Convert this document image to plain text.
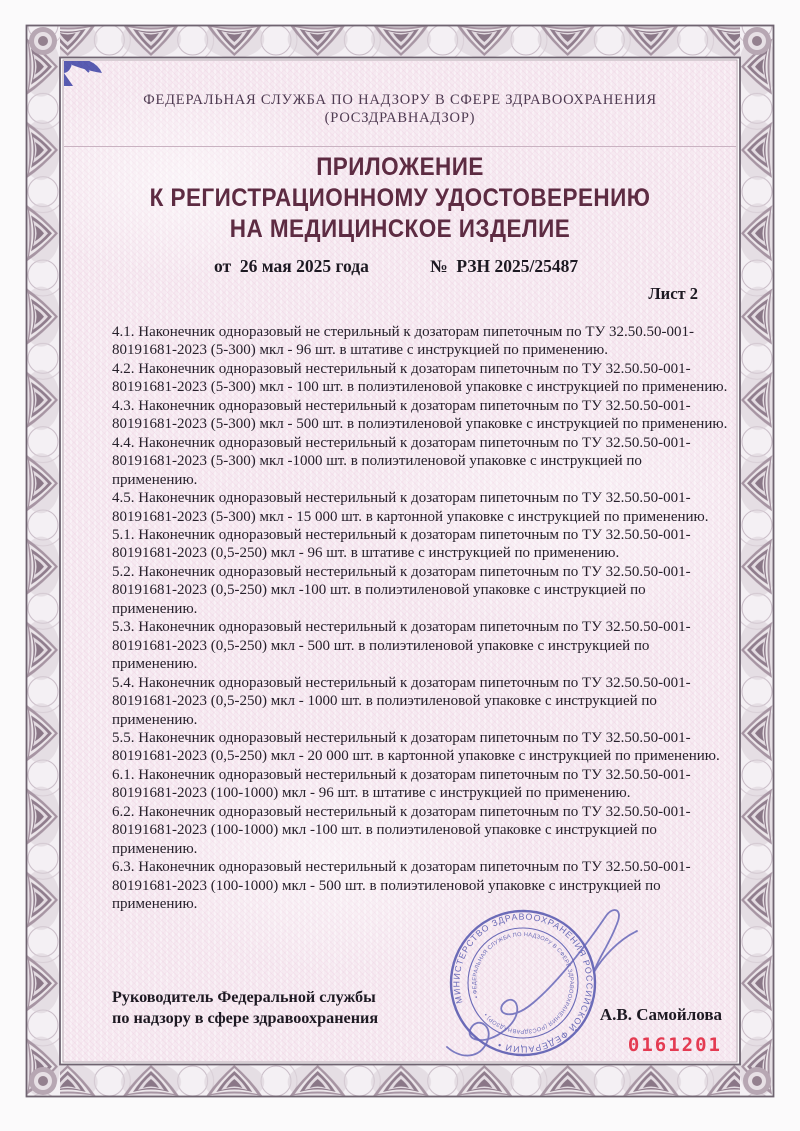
ФЕДЕРАЛЬНАЯ СЛУЖБА ПО НАДЗОРУ В СФЕРЕ ЗДРАВООХРАНЕНИЯ

(РОСЗДРАВНАДЗОР)

ПРИЛОЖЕНИЕ
К РЕГИСТРАЦИОННОМУ УДОСТОВЕРЕНИЮ
НА МЕДИЦИНСКОЕ ИЗДЕЛИЕ
от  26 мая 2025 года	№  РЗН 2025/25487
Лист 2

4.1. Наконечник одноразовый не стерильный к дозаторам пипеточным по ТУ 32.50.50-001-80191681-2023 (5-300) мкл - 96 шт. в штативе с инструкцией по применению.

4.2. Наконечник одноразовый нестерильный к дозаторам пипеточным по ТУ 32.50.50-001-80191681-2023 (5-300) мкл - 100 шт. в полиэтиленовой упаковке с инструкцией по применению.

4.3. Наконечник одноразовый нестерильный к дозаторам пипеточным по ТУ 32.50.50-001-80191681-2023 (5-300) мкл - 500 шт. в полиэтиленовой упаковке с инструкцией по применению.

4.4. Наконечник одноразовый нестерильный к дозаторам пипеточным по ТУ 32.50.50-001-80191681-2023 (5-300) мкл -1000 шт. в полиэтиленовой упаковке с инструкцией по применению.

4.5. Наконечник одноразовый нестерильный к дозаторам пипеточным по ТУ 32.50.50-001-80191681-2023 (5-300) мкл - 15 000 шт. в картонной упаковке с инструкцией по применению.

5.1. Наконечник одноразовый нестерильный к дозаторам пипеточным по ТУ 32.50.50-001-80191681-2023 (0,5-250) мкл - 96 шт. в штативе с инструкцией по применению.

5.2. Наконечник одноразовый нестерильный к дозаторам пипеточным по ТУ 32.50.50-001-80191681-2023 (0,5-250) мкл -100 шт. в полиэтиленовой упаковке с инструкцией по применению.

5.3. Наконечник одноразовый нестерильный к дозаторам пипеточным по ТУ 32.50.50-001-80191681-2023 (0,5-250) мкл - 500 шт. в полиэтиленовой упаковке с инструкцией по применению.

5.4. Наконечник одноразовый нестерильный к дозаторам пипеточным по ТУ 32.50.50-001-80191681-2023 (0,5-250) мкл - 1000 шт. в полиэтиленовой упаковке с инструкцией по применению.

5.5. Наконечник одноразовый нестерильный к дозаторам пипеточным по ТУ 32.50.50-001-80191681-2023 (0,5-250) мкл - 20 000 шт. в картонной упаковке с инструкцией по применению.

6.1. Наконечник одноразовый нестерильный к дозаторам пипеточным по ТУ 32.50.50-001-80191681-2023 (100-1000) мкл - 96 шт. в штативе с инструкцией по применению.

6.2. Наконечник одноразовый нестерильный к дозаторам пипеточным по ТУ 32.50.50-001-80191681-2023 (100-1000) мкл -100 шт. в полиэтиленовой упаковке с инструкцией по применению.

6.3. Наконечник одноразовый нестерильный к дозаторам пипеточным по ТУ 32.50.50-001-80191681-2023 (100-1000) мкл - 500 шт. в полиэтиленовой упаковке с инструкцией по применению.

Руководитель Федеральной службы
по надзору в сфере здравоохранения	А.В. Самойлова
0161201
МИНИСТЕРСТВО ЗДРАВООХРАНЕНИЯ РОССИЙСКОЙ ФЕДЕРАЦИИ •
• ФЕДЕРАЛЬНАЯ СЛУЖБА ПО НАДЗОРУ В СФЕРЕ ЗДРАВООХРАНЕНИЯ (РОСЗДРАВНАДЗОР) •
